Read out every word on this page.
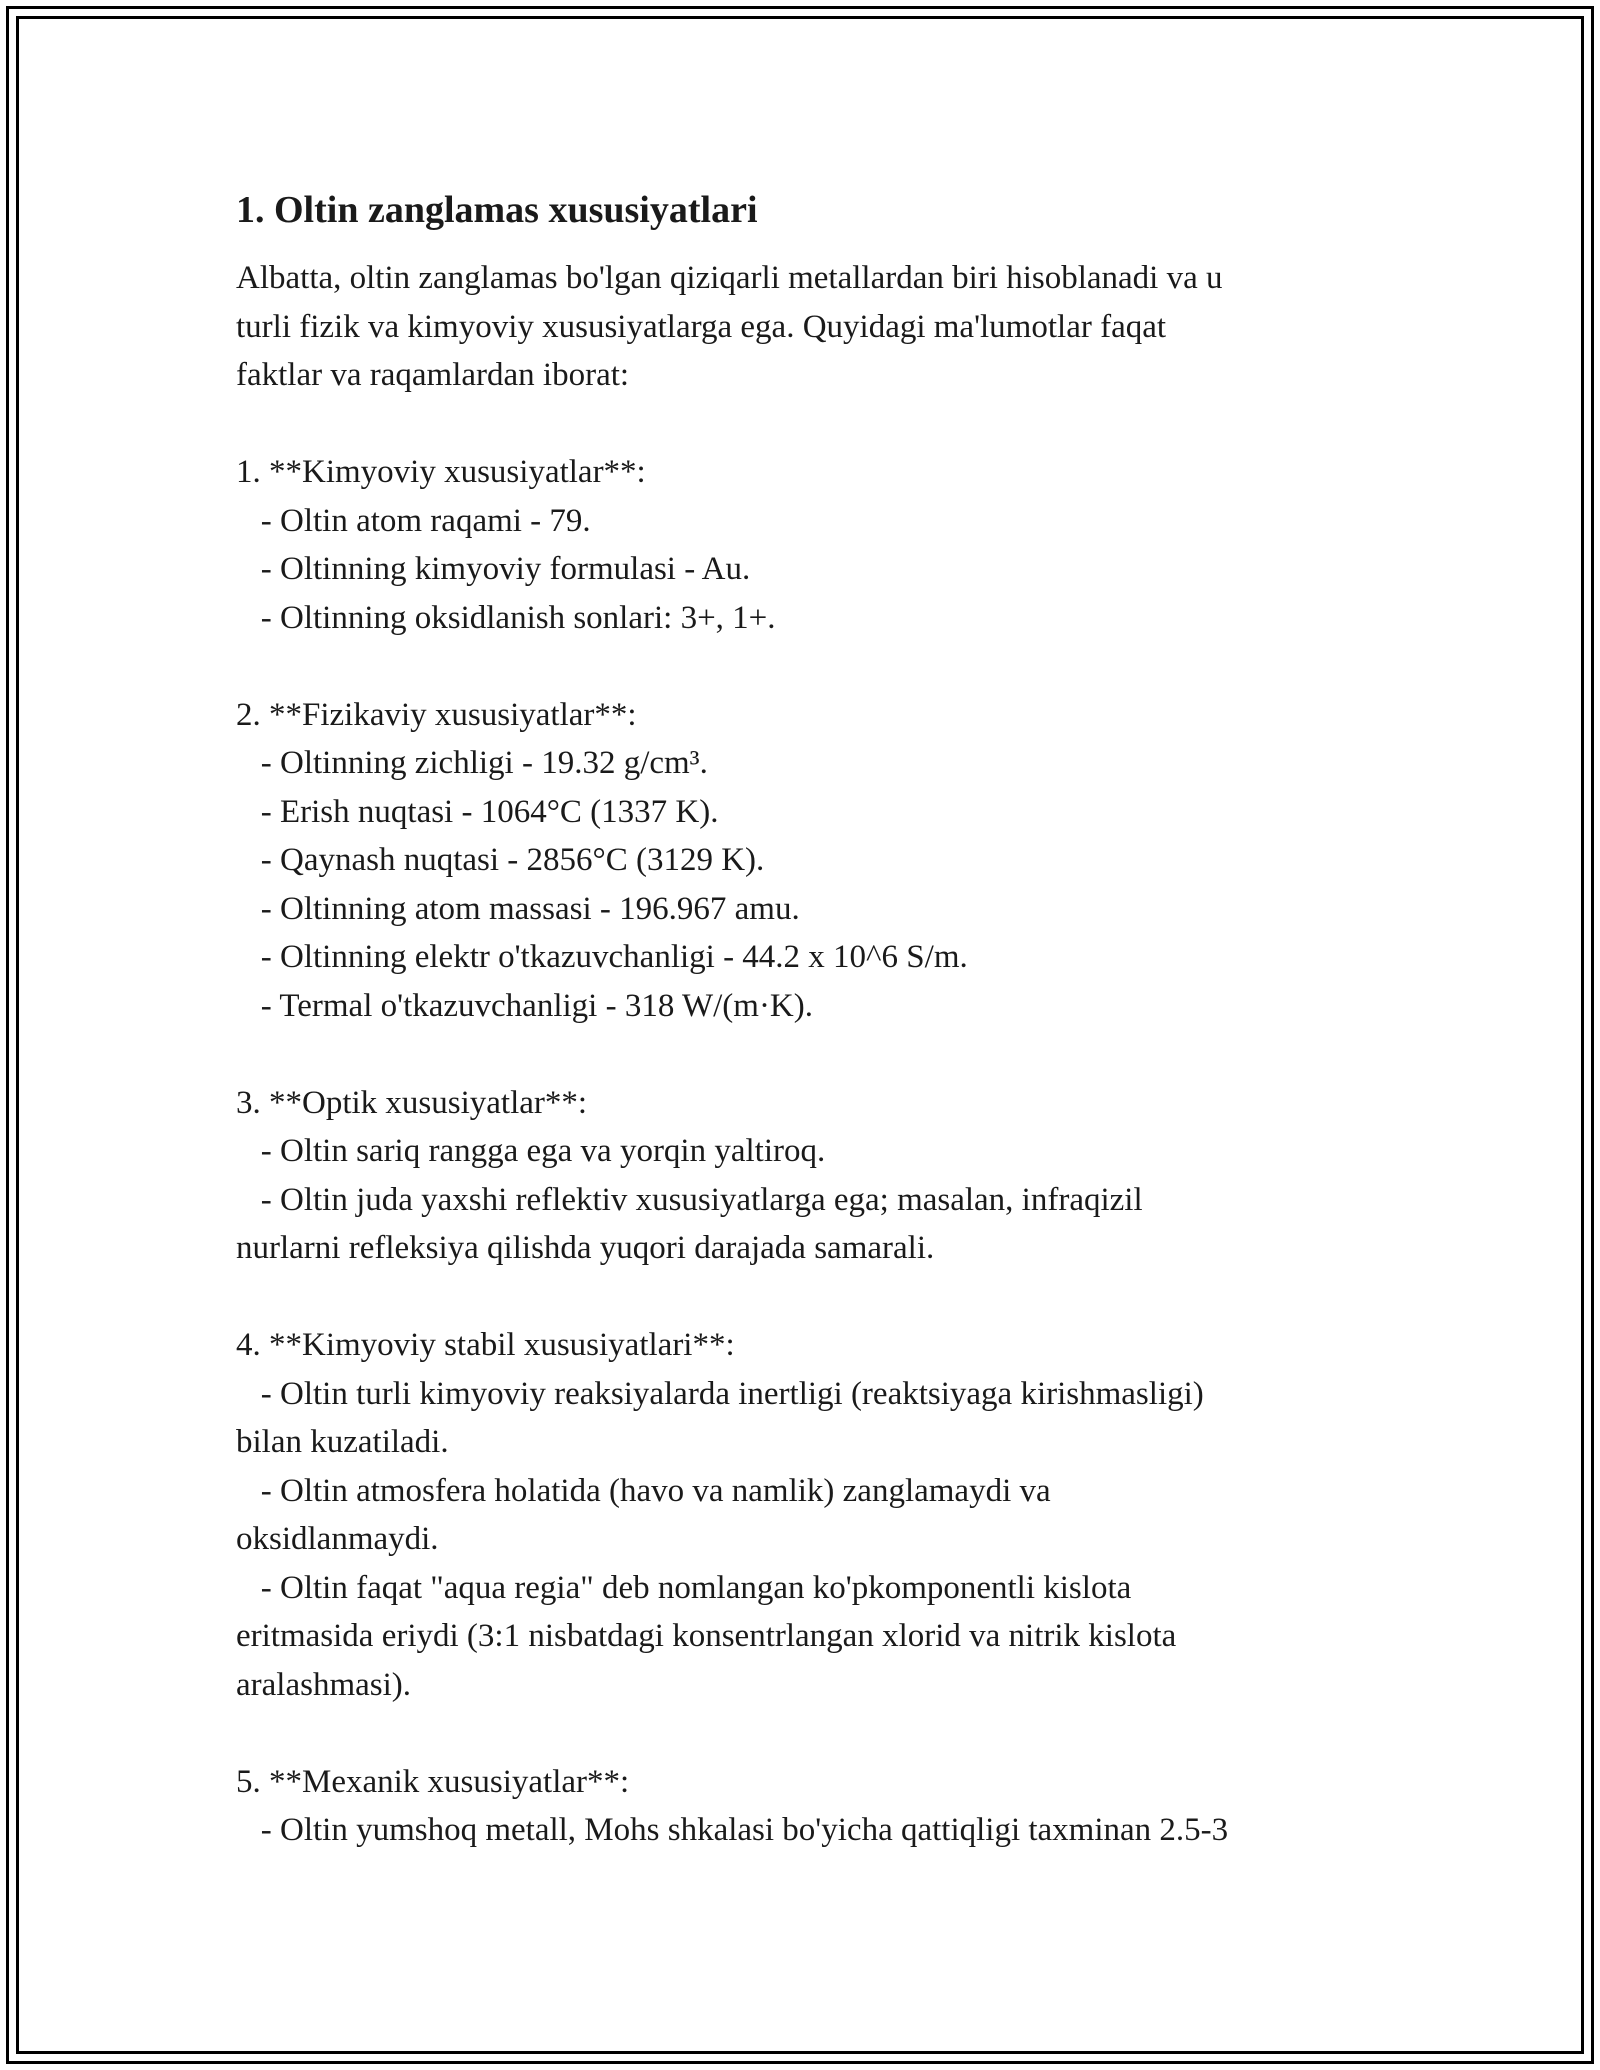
1. Oltin zanglamas xususiyatlari
Albatta, oltin zanglamas bo'lgan qiziqarli metallardan biri hisoblanadi va u
turli fizik va kimyoviy xususiyatlarga ega. Quyidagi ma'lumotlar faqat
faktlar va raqamlardan iborat:
1. **Kimyoviy xususiyatlar**:
- Oltin atom raqami - 79.
- Oltinning kimyoviy formulasi - Au.
- Oltinning oksidlanish sonlari: 3+, 1+.
2. **Fizikaviy xususiyatlar**:
- Oltinning zichligi - 19.32 g/cm³.
- Erish nuqtasi - 1064°C (1337 K).
- Qaynash nuqtasi - 2856°C (3129 K).
- Oltinning atom massasi - 196.967 amu.
- Oltinning elektr o'tkazuvchanligi - 44.2 x 10^6 S/m.
- Termal o'tkazuvchanligi - 318 W/(m·K).
3. **Optik xususiyatlar**:
- Oltin sariq rangga ega va yorqin yaltiroq.
- Oltin juda yaxshi reflektiv xususiyatlarga ega; masalan, infraqizil
nurlarni refleksiya qilishda yuqori darajada samarali.
4. **Kimyoviy stabil xususiyatlari**:
- Oltin turli kimyoviy reaksiyalarda inertligi (reaktsiyaga kirishmasligi)
bilan kuzatiladi.
- Oltin atmosfera holatida (havo va namlik) zanglamaydi va
oksidlanmaydi.
- Oltin faqat "aqua regia" deb nomlangan ko'pkomponentli kislota
eritmasida eriydi (3:1 nisbatdagi konsentrlangan xlorid va nitrik kislota
aralashmasi).
5. **Mexanik xususiyatlar**:
- Oltin yumshoq metall, Mohs shkalasi bo'yicha qattiqligi taxminan 2.5-3
